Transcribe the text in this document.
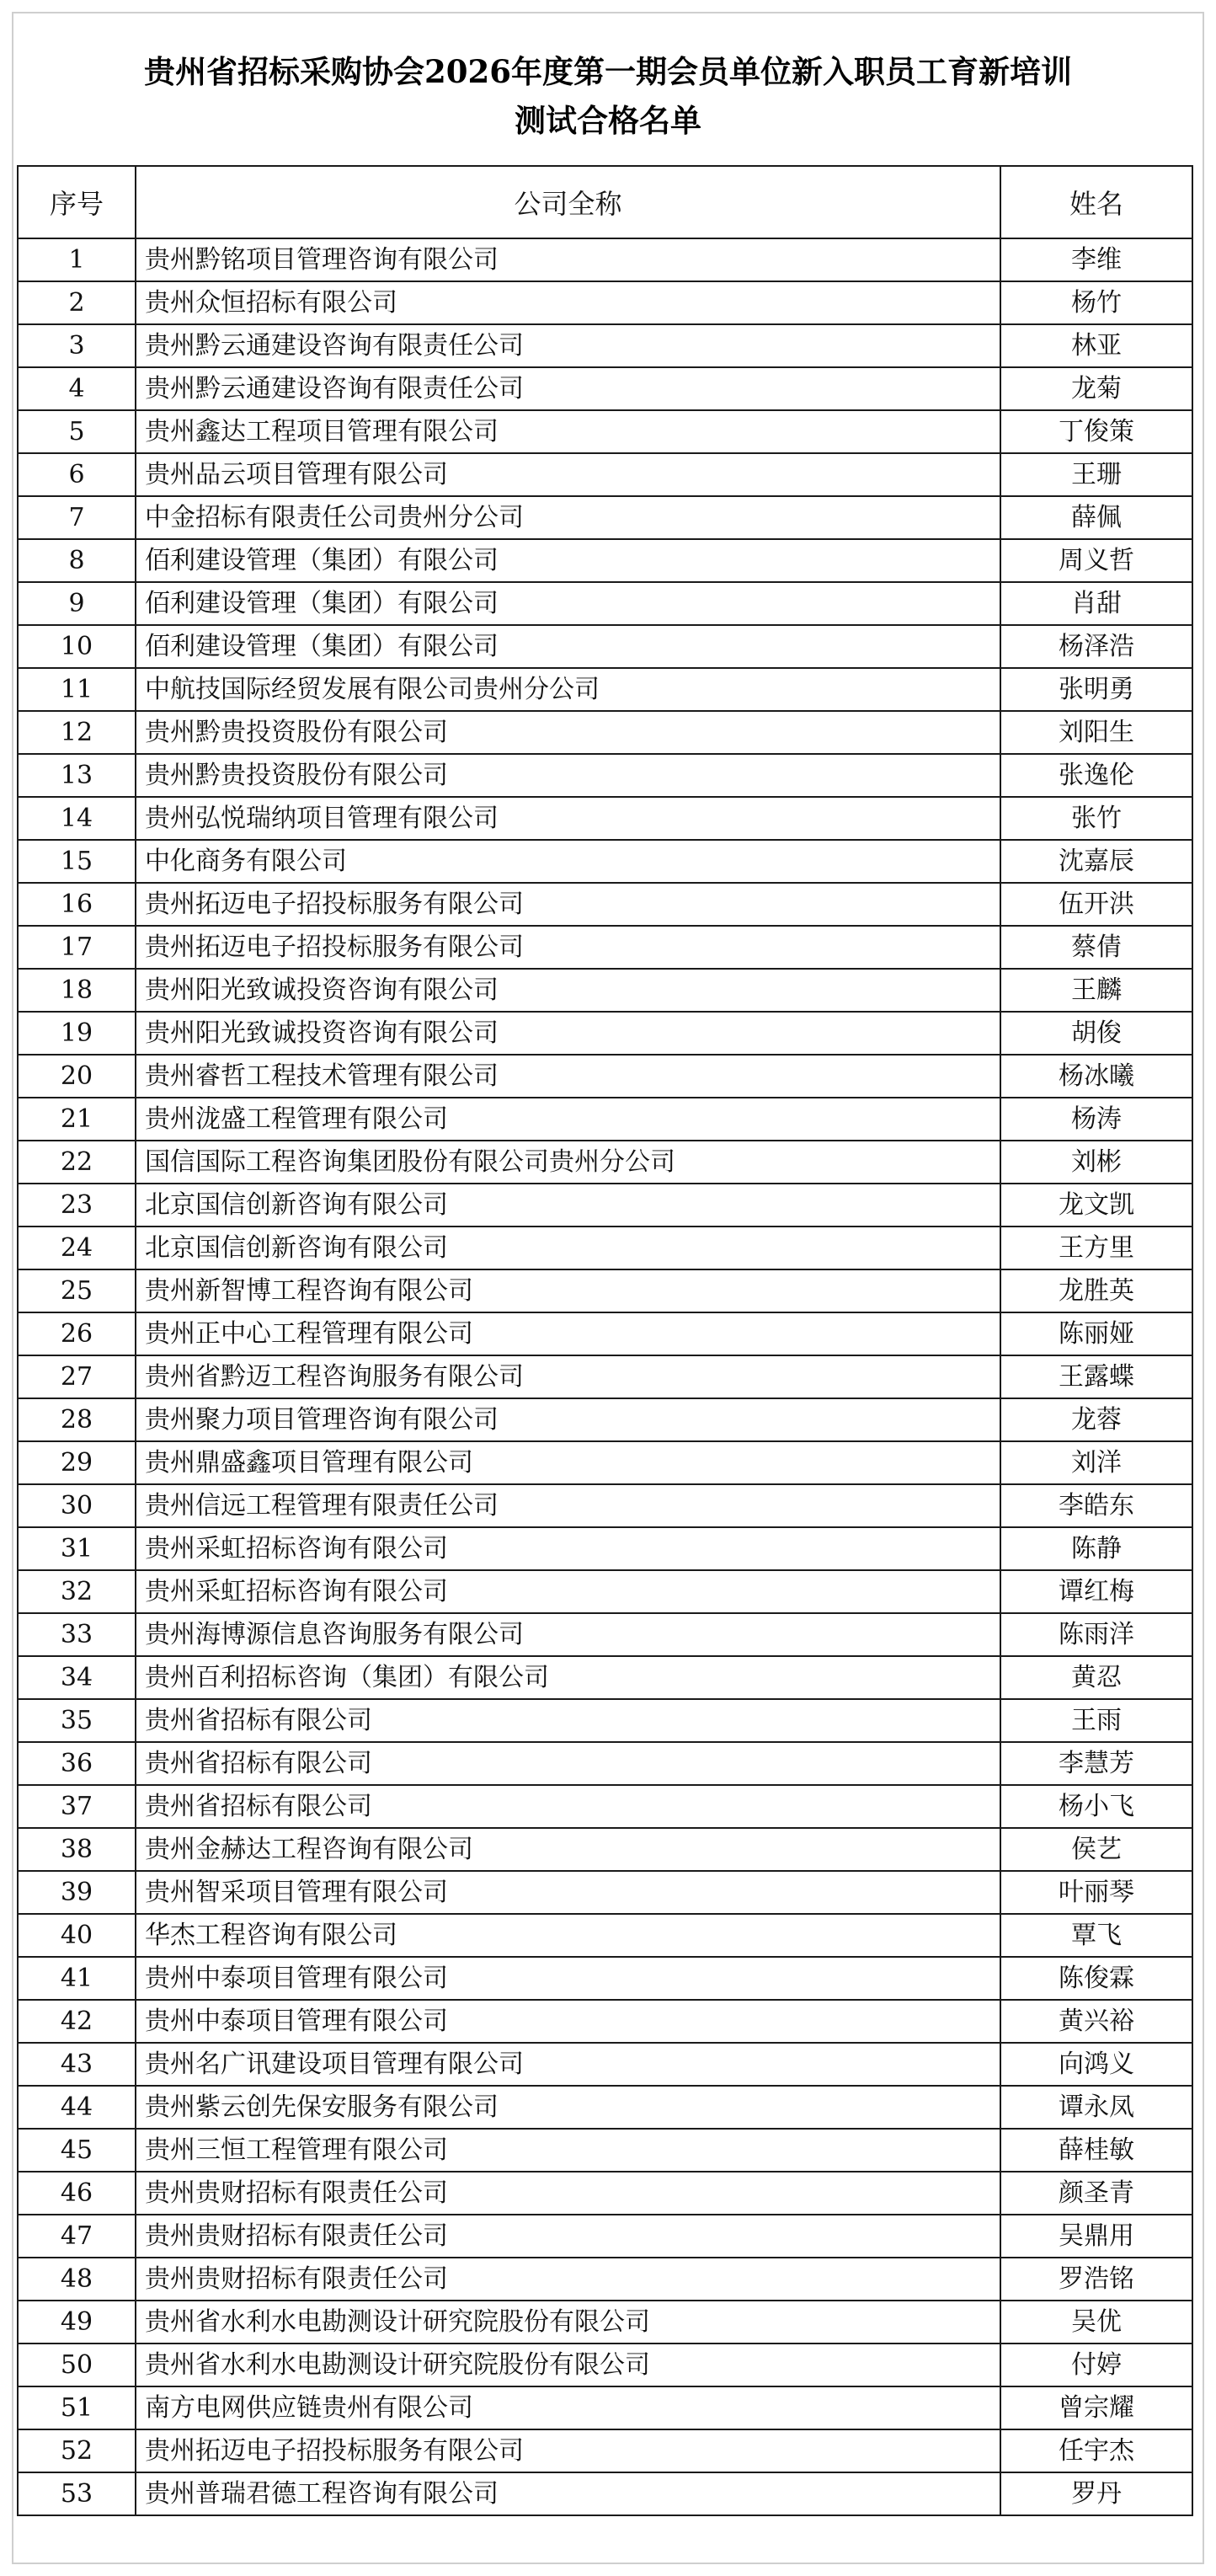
贵州省招标采购协会2026年度第一期会员单位新入职员工育新培训
测试合格名单
序号	公司全称	姓名
1	贵州黔铭项目管理咨询有限公司	李维
2	贵州众恒招标有限公司	杨竹
3	贵州黔云通建设咨询有限责任公司	林亚
4	贵州黔云通建设咨询有限责任公司	龙菊
5	贵州鑫达工程项目管理有限公司	丁俊策
6	贵州品云项目管理有限公司	王珊
7	中金招标有限责任公司贵州分公司	薛佩
8	佰利建设管理（集团）有限公司	周义哲
9	佰利建设管理（集团）有限公司	肖甜
10	佰利建设管理（集团）有限公司	杨泽浩
11	中航技国际经贸发展有限公司贵州分公司	张明勇
12	贵州黔贵投资股份有限公司	刘阳生
13	贵州黔贵投资股份有限公司	张逸伦
14	贵州弘悦瑞纳项目管理有限公司	张竹
15	中化商务有限公司	沈嘉辰
16	贵州拓迈电子招投标服务有限公司	伍开洪
17	贵州拓迈电子招投标服务有限公司	蔡倩
18	贵州阳光致诚投资咨询有限公司	王麟
19	贵州阳光致诚投资咨询有限公司	胡俊
20	贵州睿哲工程技术管理有限公司	杨冰曦
21	贵州泷盛工程管理有限公司	杨涛
22	国信国际工程咨询集团股份有限公司贵州分公司	刘彬
23	北京国信创新咨询有限公司	龙文凯
24	北京国信创新咨询有限公司	王方里
25	贵州新智博工程咨询有限公司	龙胜英
26	贵州正中心工程管理有限公司	陈丽娅
27	贵州省黔迈工程咨询服务有限公司	王露蝶
28	贵州聚力项目管理咨询有限公司	龙蓉
29	贵州鼎盛鑫项目管理有限公司	刘洋
30	贵州信远工程管理有限责任公司	李皓东
31	贵州采虹招标咨询有限公司	陈静
32	贵州采虹招标咨询有限公司	谭红梅
33	贵州海博源信息咨询服务有限公司	陈雨洋
34	贵州百利招标咨询（集团）有限公司	黄忍
35	贵州省招标有限公司	王雨
36	贵州省招标有限公司	李慧芳
37	贵州省招标有限公司	杨小飞
38	贵州金赫达工程咨询有限公司	侯艺
39	贵州智采项目管理有限公司	叶丽琴
40	华杰工程咨询有限公司	覃飞
41	贵州中泰项目管理有限公司	陈俊霖
42	贵州中泰项目管理有限公司	黄兴裕
43	贵州名广讯建设项目管理有限公司	向鸿义
44	贵州紫云创先保安服务有限公司	谭永凤
45	贵州三恒工程管理有限公司	薛桂敏
46	贵州贵财招标有限责任公司	颜圣青
47	贵州贵财招标有限责任公司	吴鼎用
48	贵州贵财招标有限责任公司	罗浩铭
49	贵州省水利水电勘测设计研究院股份有限公司	吴优
50	贵州省水利水电勘测设计研究院股份有限公司	付婷
51	南方电网供应链贵州有限公司	曾宗耀
52	贵州拓迈电子招投标服务有限公司	任宇杰
53	贵州普瑞君德工程咨询有限公司	罗丹
